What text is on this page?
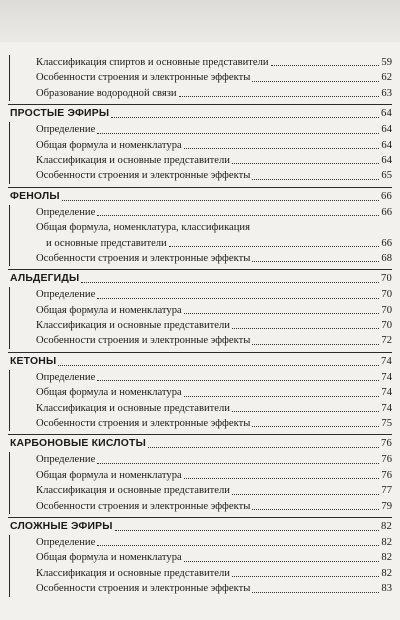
Классификация спиртов и основные представители	59
Особенности строения и электронные эффекты	62
Образование водородной связи	63
ПРОСТЫЕ ЭФИРЫ	64
Определение	64
Общая формула и номенклатура	64
Классификация и основные представители	64
Особенности строения и электронные эффекты	65
ФЕНОЛЫ	66
Определение	66
Общая формула, номенклатура, классификация
и основные представители	66
Особенности строения и электронные эффекты	68
АЛЬДЕГИДЫ	70
Определение	70
Общая формула и номенклатура	70
Классификация и основные представители	70
Особенности строения и электронные эффекты	72
КЕТОНЫ	74
Определение	74
Общая формула и номенклатура	74
Классификация и основные представители	74
Особенности строения и электронные эффекты	75
КАРБОНОВЫЕ КИСЛОТЫ	76
Определение	76
Общая формула и номенклатура	76
Классификация и основные представители	77
Особенности строения и электронные эффекты	79
СЛОЖНЫЕ ЭФИРЫ	82
Определение	82
Общая формула и номенклатура	82
Классификация и основные представители	82
Особенности строения и электронные эффекты	83
